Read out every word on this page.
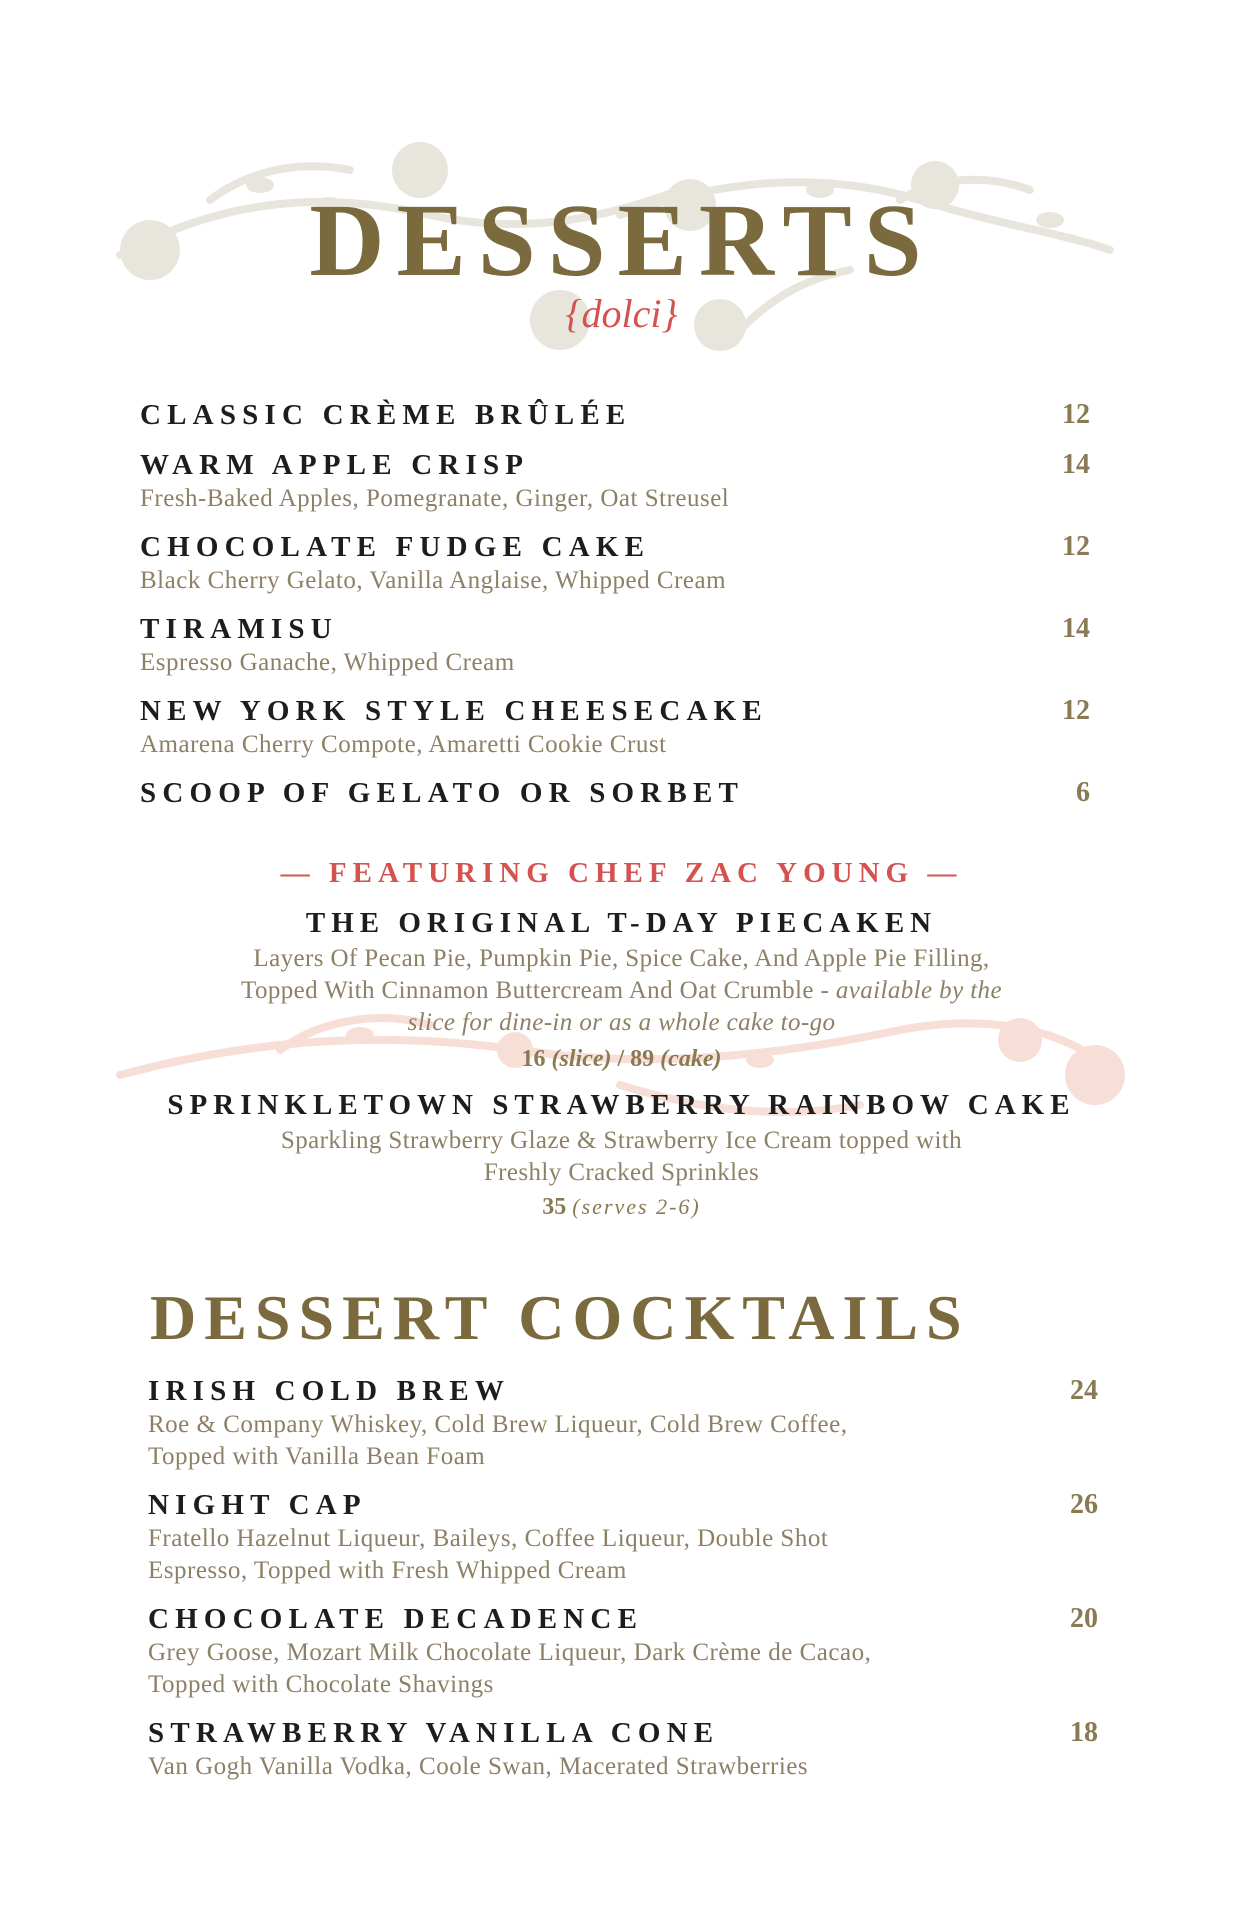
DESSERTS
{dolci}
CLASSIC CRÈME BRÛLÉE	12
WARM APPLE CRISP	14
Fresh-Baked Apples, Pomegranate, Ginger, Oat Streusel
CHOCOLATE FUDGE CAKE	12
Black Cherry Gelato, Vanilla Anglaise, Whipped Cream
TIRAMISU	14
Espresso Ganache, Whipped Cream
NEW YORK STYLE CHEESECAKE	12
Amarena Cherry Compote, Amaretti Cookie Crust
SCOOP OF GELATO OR SORBET	6
— FEATURING CHEF ZAC YOUNG —
THE ORIGINAL T-DAY PIECAKEN
Layers Of Pecan Pie, Pumpkin Pie, Spice Cake, And Apple Pie Filling,
Topped With Cinnamon Buttercream And Oat Crumble - available by the
slice for dine-in or as a whole cake to-go
16 (slice) / 89 (cake)
SPRINKLETOWN STRAWBERRY RAINBOW CAKE
Sparkling Strawberry Glaze & Strawberry Ice Cream topped with
Freshly Cracked Sprinkles
35 (serves 2-6)
DESSERT COCKTAILS
IRISH COLD BREW	24
Roe & Company Whiskey, Cold Brew Liqueur, Cold Brew Coffee,
Topped with Vanilla Bean Foam
NIGHT CAP	26
Fratello Hazelnut Liqueur, Baileys, Coffee Liqueur, Double Shot
Espresso, Topped with Fresh Whipped Cream
CHOCOLATE DECADENCE	20
Grey Goose, Mozart Milk Chocolate Liqueur, Dark Crème de Cacao,
Topped with Chocolate Shavings
STRAWBERRY VANILLA CONE	18
Van Gogh Vanilla Vodka, Coole Swan, Macerated Strawberries
